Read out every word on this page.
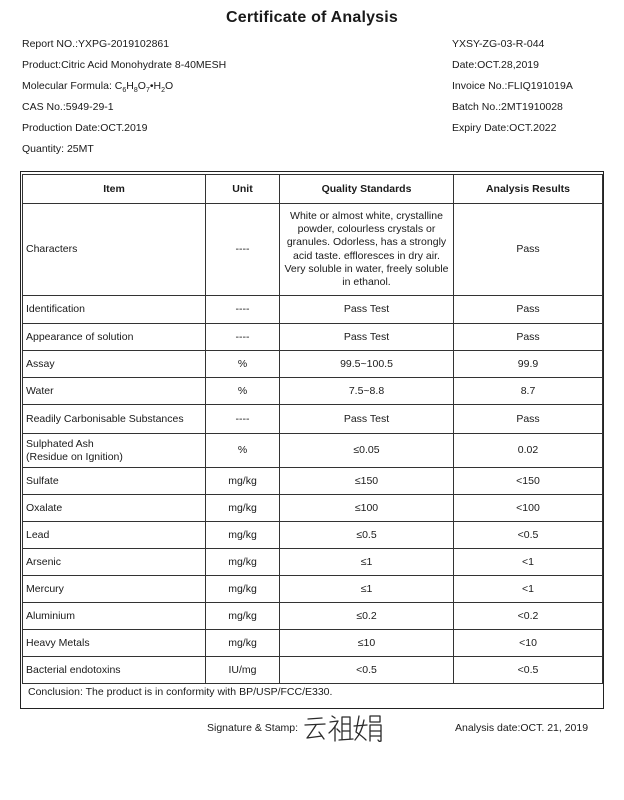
Certificate of Analysis
Report NO.:YXPG-2019102861
Product:Citric Acid Monohydrate 8-40MESH
Molecular Formula: $C_6H_8O_7•H_2O$
CAS No.:5949-29-1
Production Date:OCT.2019
Quantity: 25MT
YXSY-ZG-03-R-044
Date:OCT.28,2019
Invoice No.:FLIQ191019A
Batch No.:2MT1910028
Expiry Date:OCT.2022
Item	Unit	Quality Standards	Analysis Results
Characters	----	White or almost white, crystalline powder, colourless crystals or granules. Odorless, has a strongly acid taste. effloresces in dry air. Very soluble in water, freely soluble in ethanol.	Pass
Identification	----	Pass Test	Pass
Appearance of solution	----	Pass Test	Pass
Assay	%	99.5~100.5	99.9
Water	%	7.5~8.8	8.7
Readily Carbonisable Substances	----	Pass Test	Pass

Sulphated Ash
(Residue on Ignition)	%	≤0.05	0.02
Sulfate	mg/kg	≤150	<150
Oxalate	mg/kg	≤100	<100
Lead	mg/kg	≤0.5	<0.5
Arsenic	mg/kg	≤1	<1
Mercury	mg/kg	≤1	<1
Aluminium	mg/kg	≤0.2	<0.2
Heavy Metals	mg/kg	≤10	<10
Bacterial endotoxins	IU/mg	<0.5	<0.5
Conclusion: The product is in conformity with BP/USP/FCC/E330.
Signature & Stamp:	Analysis date:OCT. 21, 2019
